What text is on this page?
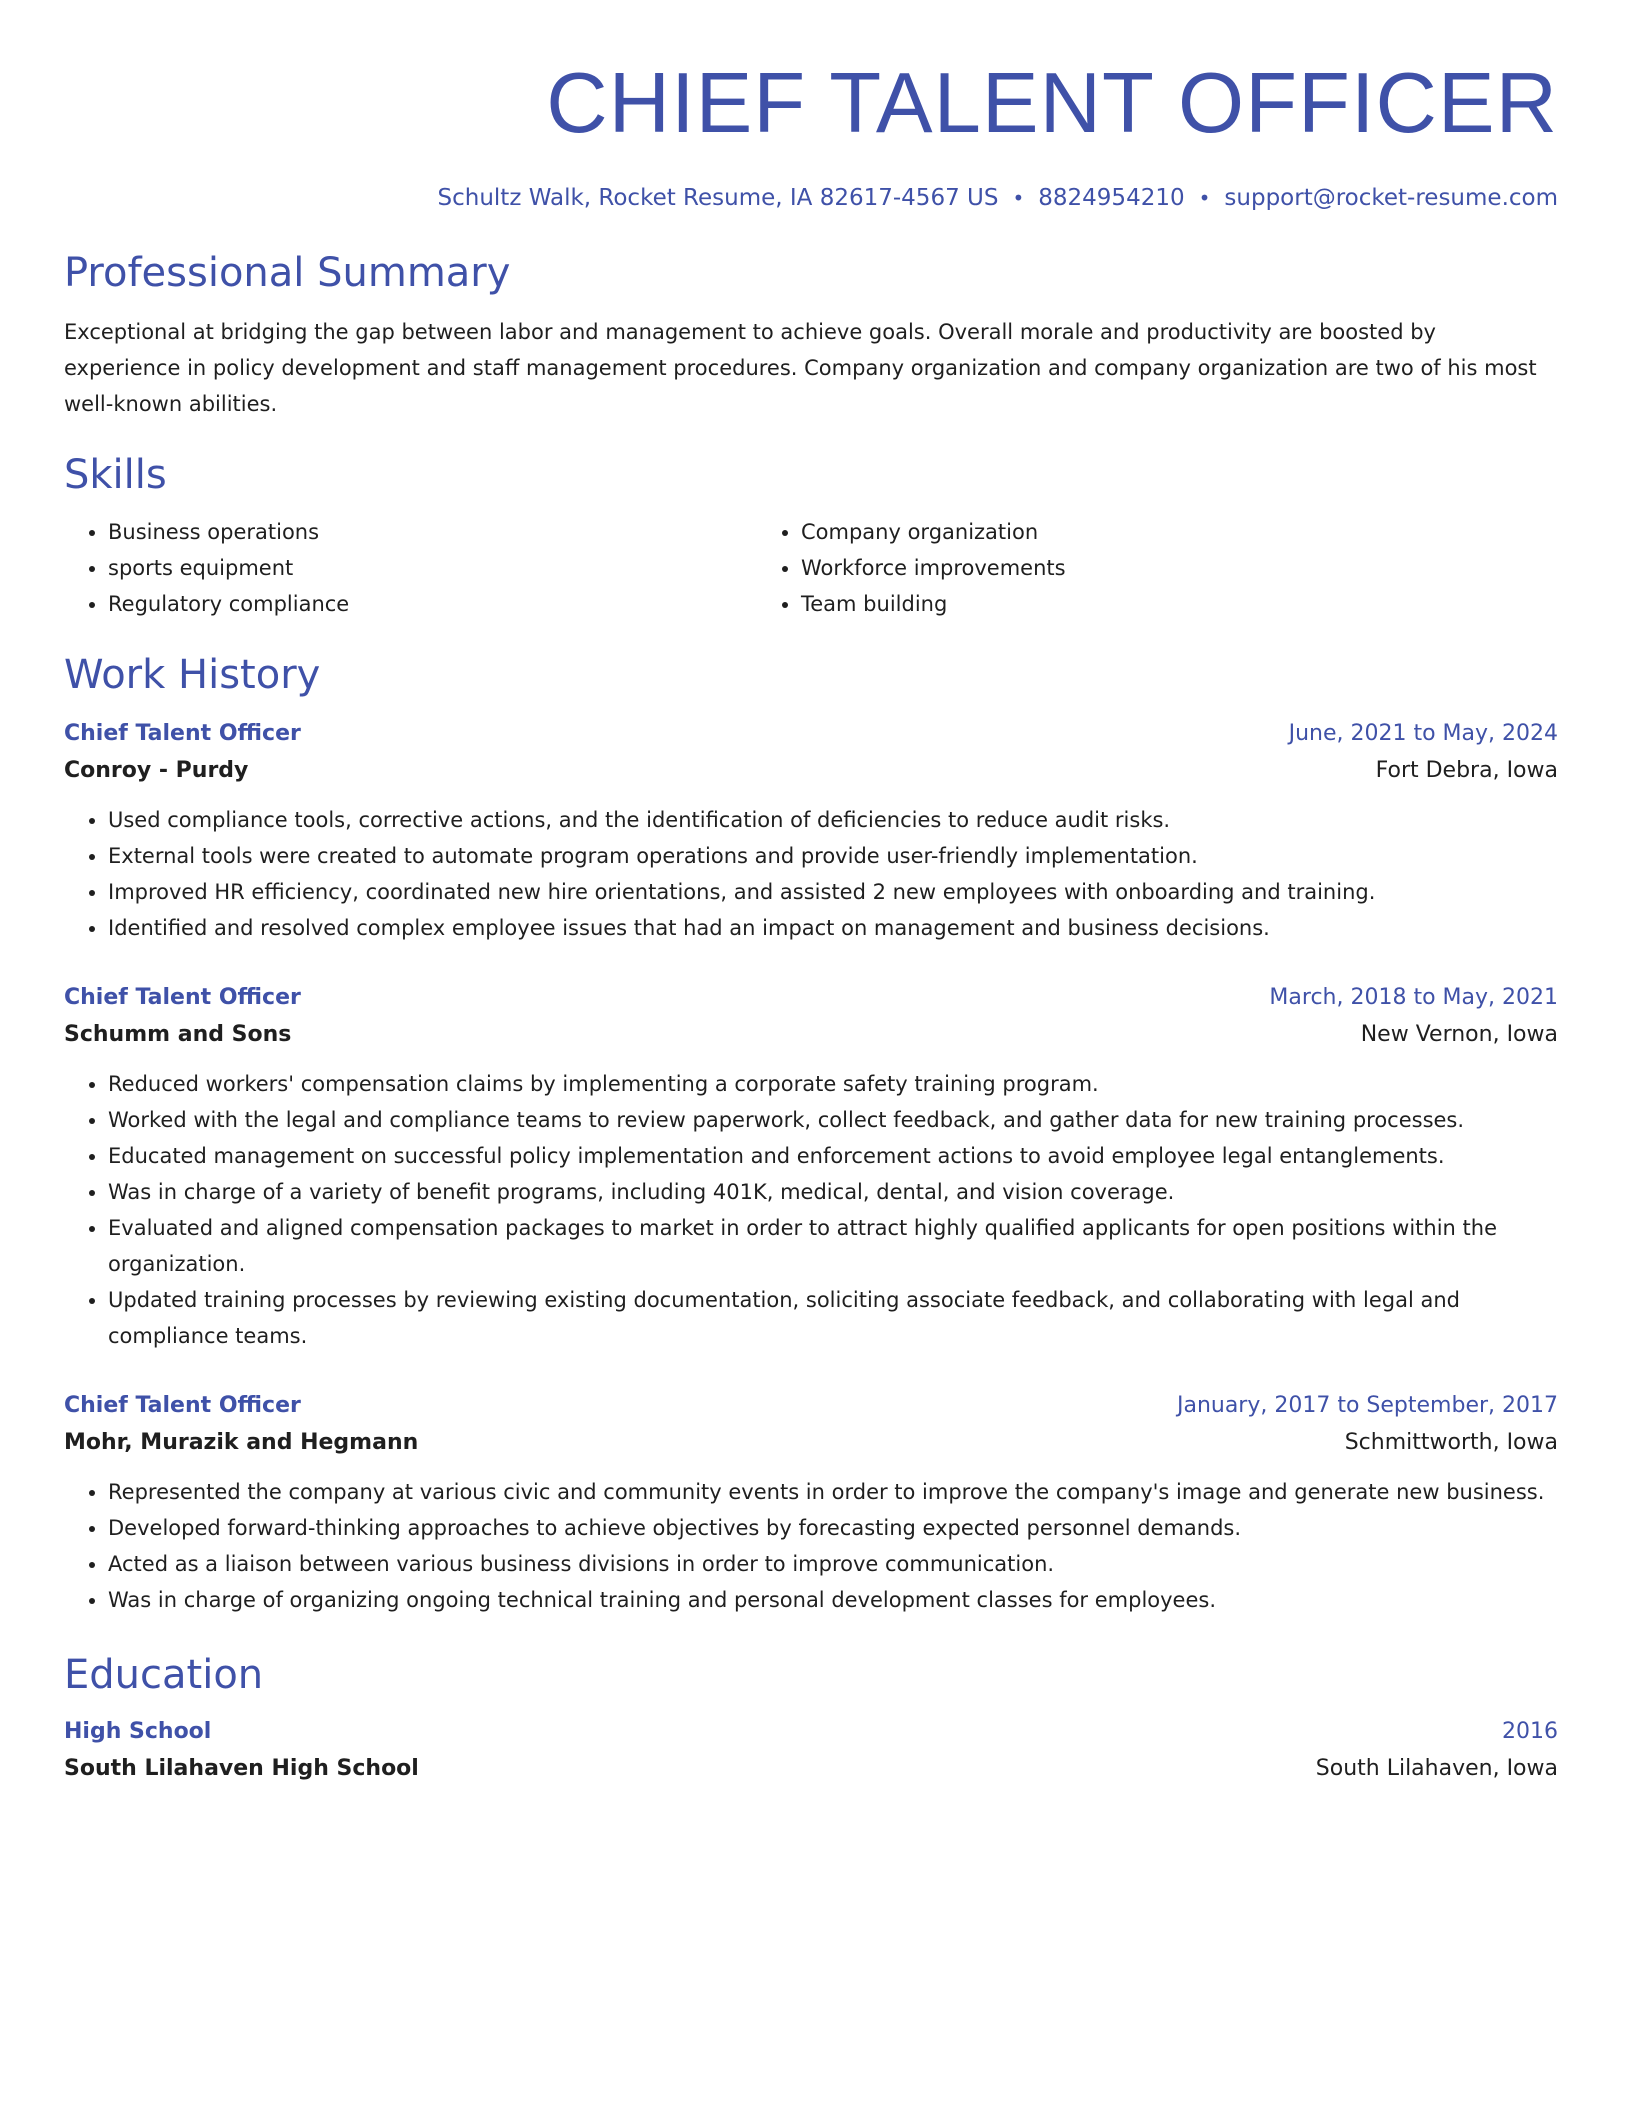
CHIEF TALENT OFFICER
Schultz Walk, Rocket Resume, IA 82617-4567 US • 8824954210 • support@rocket-resume.com
Professional Summary
Exceptional at bridging the gap between labor and management to achieve goals. Overall morale and productivity are boosted by experience in policy development and staff management procedures. Company organization and company organization are two of his most well-known abilities.
Skills
• Business operations
• sports equipment
• Regulatory compliance
• Company organization
• Workforce improvements
• Team building
Work History
Chief Talent Officer	June, 2021 to May, 2024
Conroy - Purdy	Fort Debra, Iowa
• Used compliance tools, corrective actions, and the identification of deficiencies to reduce audit risks.
• External tools were created to automate program operations and provide user-friendly implementation.
• Improved HR efficiency, coordinated new hire orientations, and assisted 2 new employees with onboarding and training.
• Identified and resolved complex employee issues that had an impact on management and business decisions.
Chief Talent Officer	March, 2018 to May, 2021
Schumm and Sons	New Vernon, Iowa
• Reduced workers' compensation claims by implementing a corporate safety training program.
• Worked with the legal and compliance teams to review paperwork, collect feedback, and gather data for new training processes.
• Educated management on successful policy implementation and enforcement actions to avoid employee legal entanglements.
• Was in charge of a variety of benefit programs, including 401K, medical, dental, and vision coverage.
• Evaluated and aligned compensation packages to market in order to attract highly qualified applicants for open positions within the organization.
• Updated training processes by reviewing existing documentation, soliciting associate feedback, and collaborating with legal and compliance teams.
Chief Talent Officer	January, 2017 to September, 2017
Mohr, Murazik and Hegmann	Schmittworth, Iowa
• Represented the company at various civic and community events in order to improve the company's image and generate new business.
• Developed forward-thinking approaches to achieve objectives by forecasting expected personnel demands.
• Acted as a liaison between various business divisions in order to improve communication.
• Was in charge of organizing ongoing technical training and personal development classes for employees.
Education
High School	2016
South Lilahaven High School	South Lilahaven, Iowa
